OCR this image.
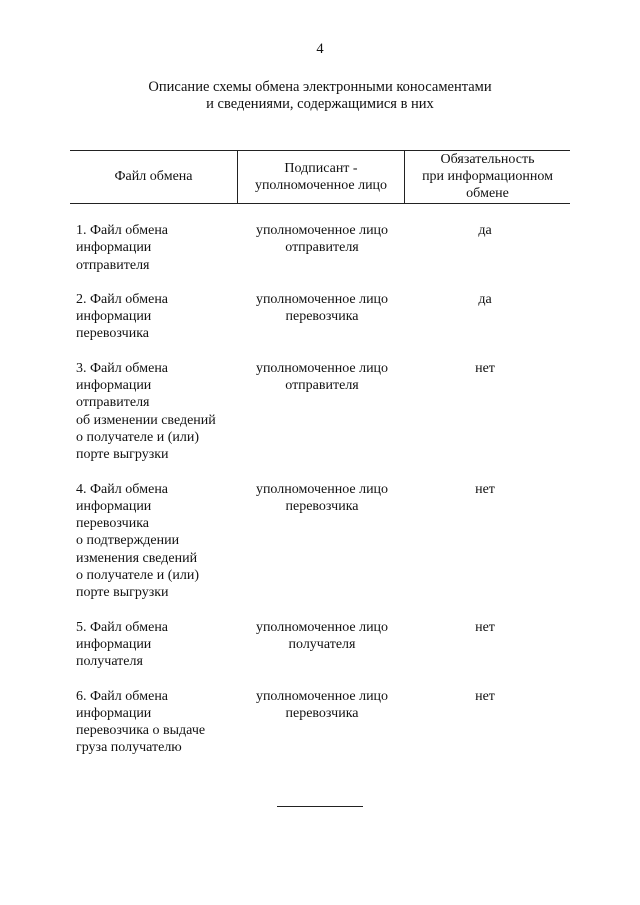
4
Описание схемы обмена электронными коносаментами
и сведениями, содержащимися в них
Файл обмена
Подписант -
уполномоченное лицо
Обязательность
при информационном
обмене
1. Файл обмена
информации
отправителя
уполномоченное лицо
отправителя
да
2. Файл обмена
информации
перевозчика
уполномоченное лицо
перевозчика
да
3. Файл обмена
информации
отправителя
об изменении сведений
о получателе и (или)
порте выгрузки
уполномоченное лицо
отправителя
нет
4. Файл обмена
информации
перевозчика
о подтверждении
изменения сведений
о получателе и (или)
порте выгрузки
уполномоченное лицо
перевозчика
нет
5. Файл обмена
информации
получателя
уполномоченное лицо
получателя
нет
6. Файл обмена
информации
перевозчика о выдаче
груза получателю
уполномоченное лицо
перевозчика
нет
